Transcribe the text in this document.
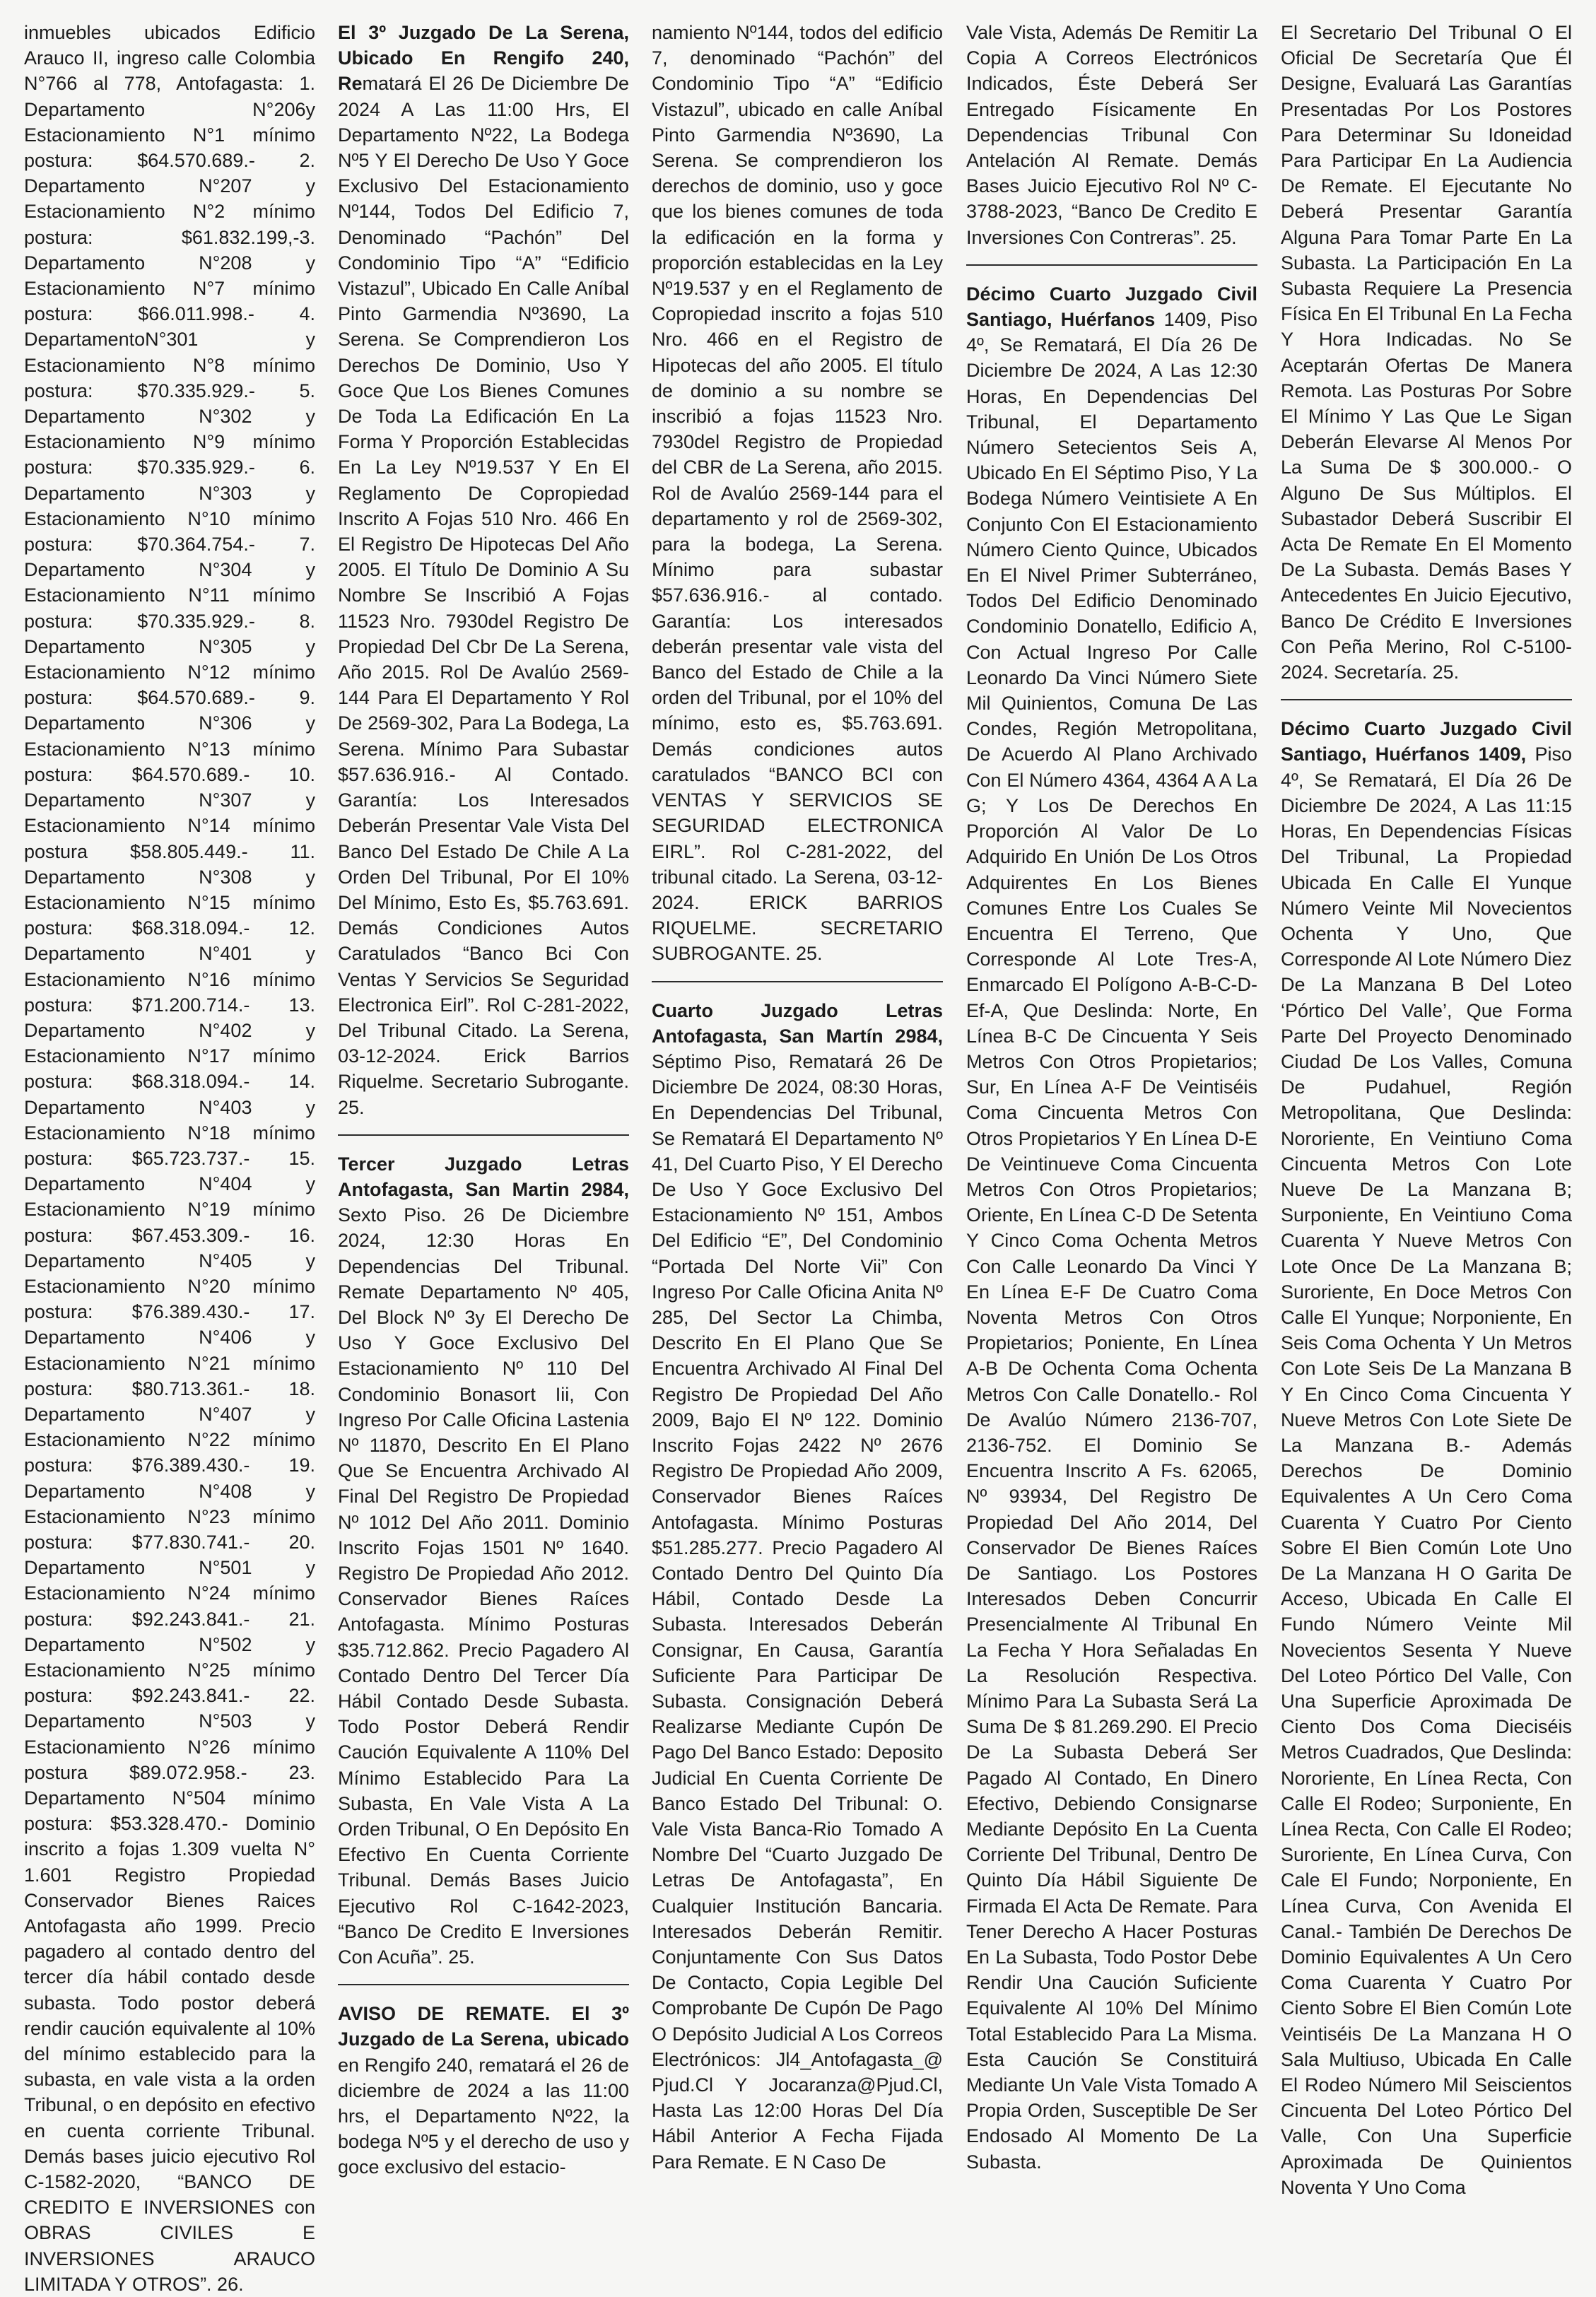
inmuebles ubicados Edificio Arauco II, ingreso calle Colombia N°766 al 778, Antofagasta: 1. Departamento N°206y Estacionamiento N°1 mínimo postura: $64.570.689.- 2. Departamento N°207 y Estacionamiento N°2 mínimo postura: $61.832.199,-3. Departamento N°208 y Estacionamiento N°7 mínimo postura: $66.011.998.- 4. DepartamentoN°301 y Estacionamiento N°8 mínimo postura: $70.335.929.- 5. Departamento N°302 y Estacionamiento N°9 mínimo postura: $70.335.929.- 6. Departamento N°303 y Estacionamiento N°10 mínimo postura: $70.364.754.- 7. Departamento N°304 y Estacionamiento N°11 mínimo postura: $70.335.929.- 8. Departamento N°305 y Estacionamiento N°12 mínimo postura: $64.570.689.- 9. Departamento N°306 y Estacionamiento N°13 mínimo postura: $64.570.689.- 10. Departamento N°307 y Estacionamiento N°14 mínimo postura $58.805.449.- 11. Departamento N°308 y Estacionamiento N°15 mínimo postura: $68.318.094.- 12. Departamento N°401 y Estacionamiento N°16 mínimo postura: $71.200.714.- 13. Departamento N°402 y Estacionamiento N°17 mínimo postura: $68.318.094.- 14. Departamento N°403 y Estacionamiento N°18 mínimo postura: $65.723.737.- 15. Departamento N°404 y Estacionamiento N°19 mínimo postura: $67.453.309.- 16. Departamento N°405 y Estacionamiento N°20 mínimo postura: $76.389.430.- 17. Departamento N°406 y Estacionamiento N°21 mínimo postura: $80.713.361.- 18. Departamento N°407 y Estacionamiento N°22 mínimo postura: $76.389.430.- 19. Departamento N°408 y Estacionamiento N°23 mínimo postura: $77.830.741.- 20. Departamento N°501 y Estacionamiento N°24 mínimo postura: $92.243.841.- 21. Departamento N°502 y Estacionamiento N°25 mínimo postura: $92.243.841.- 22. Departamento N°503 y Estacionamiento N°26 mínimo postura $89.072.958.- 23. Departamento N°504 mínimo postura: $53.328.470.- Dominio inscrito a fojas 1.309 vuelta N° 1.601 Registro Propiedad Conservador Bienes Raices Antofagasta año 1999. Precio pagadero al contado dentro del tercer día hábil contado desde subasta. Todo postor deberá rendir caución equivalente al 10% del mínimo establecido para la subasta, en vale vista a la orden Tribunal, o en depósito en efectivo en cuenta corriente Tribunal. Demás bases juicio ejecutivo Rol C-1582-2020, “BANCO DE CREDITO E INVERSIONES con OBRAS CIVILES E INVERSIONES ARAUCO LIMITADA Y OTROS”. 26.

El 3º Juzgado De La Serena, Ubicado En Rengifo 240, Rematará El 26 De Diciembre De 2024 A Las 11:00 Hrs, El Departamento Nº22, La Bodega Nº5 Y El Derecho De Uso Y Goce Exclusivo Del Estacionamiento Nº144, Todos Del Edificio 7, Denominado “Pachón” Del Condominio Tipo “A” “Edificio Vistazul”, Ubicado En Calle Aníbal Pinto Garmendia Nº3690, La Serena. Se Comprendieron Los Derechos De Dominio, Uso Y Goce Que Los Bienes Comunes De Toda La Edificación En La Forma Y Proporción Establecidas En La Ley Nº19.537 Y En El Reglamento De Copropiedad Inscrito A Fojas 510 Nro. 466 En El Registro De Hipotecas Del Año 2005. El Título De Dominio A Su Nombre Se Inscribió A Fojas 11523 Nro. 7930del Registro De Propiedad Del Cbr De La Serena, Año 2015. Rol De Avalúo 2569-144 Para El Departamento Y Rol De 2569-302, Para La Bodega, La Serena. Mínimo Para Subastar $57.636.916.- Al Contado. Garantía: Los Interesados Deberán Presentar Vale Vista Del Banco Del Estado De Chile A La Orden Del Tribunal, Por El 10% Del Mínimo, Esto Es, $5.763.691. Demás Condiciones Autos Caratulados “Banco Bci Con Ventas Y Servicios Se Seguridad Electronica Eirl”. Rol C-281-2022, Del Tribunal Citado. La Serena, 03-12-2024. Erick Barrios Riquelme. Secretario Subrogante. 25.

Tercer Juzgado Letras Antofagasta, San Martin 2984, Sexto Piso. 26 De Diciembre 2024, 12:30 Horas En Dependencias Del Tribunal. Remate Departamento Nº 405, Del Block Nº 3y El Derecho De Uso Y Goce Exclusivo Del Estacionamiento Nº 110 Del Condominio Bonasort Iii, Con Ingreso Por Calle Oficina Lastenia Nº 11870, Descrito En El Plano Que Se Encuentra Archivado Al Final Del Registro De Propiedad Nº 1012 Del Año 2011. Dominio Inscrito Fojas 1501 Nº 1640. Registro De Propiedad Año 2012. Conservador Bienes Raíces Antofagasta. Mínimo Posturas $35.712.862. Precio Pagadero Al Contado Dentro Del Tercer Día Hábil Contado Desde Subasta. Todo Postor Deberá Rendir Caución Equivalente A 110% Del Mínimo Establecido Para La Subasta, En Vale Vista A La Orden Tribunal, O En Depósito En Efectivo En Cuenta Corriente Tribunal. Demás Bases Juicio Ejecutivo Rol C-1642-2023, “Banco De Credito E Inversiones Con Acuña”. 25.

AVISO DE REMATE. El 3º Juzgado de La Serena, ubicado en Rengifo 240, rematará el 26 de diciembre de 2024 a las 11:00 hrs, el Departamento Nº22, la bodega Nº5 y el derecho de uso y goce exclusivo del estacio-

namiento Nº144, todos del edificio 7, denominado “Pachón” del Condominio Tipo “A” “Edificio Vistazul”, ubicado en calle Aníbal Pinto Garmendia Nº3690, La Serena. Se comprendieron los derechos de dominio, uso y goce que los bienes comunes de toda la edificación en la forma y proporción establecidas en la Ley Nº19.537 y en el Reglamento de Copropiedad inscrito a fojas 510 Nro. 466 en el Registro de Hipotecas del año 2005. El título de dominio a su nombre se inscribió a fojas 11523 Nro. 7930del Registro de Propiedad del CBR de La Serena, año 2015. Rol de Avalúo 2569-144 para el departamento y rol de 2569-302, para la bodega, La Serena. Mínimo para subastar $57.636.916.- al contado. Garantía: Los interesados deberán presentar vale vista del Banco del Estado de Chile a la orden del Tribunal, por el 10% del mínimo, esto es, $5.763.691. Demás condiciones autos caratulados “BANCO BCI con VENTAS Y SERVICIOS SE SEGURIDAD ELECTRONICA EIRL”. Rol C-281-2022, del tribunal citado. La Serena, 03-12-2024. ERICK BARRIOS RIQUELME. SECRETARIO SUBROGANTE. 25.

Cuarto Juzgado Letras Antofagasta, San Martín 2984, Séptimo Piso, Rematará 26 De Diciembre De 2024, 08:30 Horas, En Dependencias Del Tribunal, Se Rematará El Departamento Nº 41, Del Cuarto Piso, Y El Derecho De Uso Y Goce Exclusivo Del Estacionamiento Nº 151, Ambos Del Edificio “E”, Del Condominio “Portada Del Norte Vii” Con Ingreso Por Calle Oficina Anita Nº 285, Del Sector La Chimba, Descrito En El Plano Que Se Encuentra Archivado Al Final Del Registro De Propiedad Del Año 2009, Bajo El Nº 122. Dominio Inscrito Fojas 2422 Nº 2676 Registro De Propiedad Año 2009, Conservador Bienes Raíces Antofagasta. Mínimo Posturas $51.285.277. Precio Pagadero Al Contado Dentro Del Quinto Día Hábil, Contado Desde La Subasta. Interesados Deberán Consignar, En Causa, Garantía Suficiente Para Participar De Subasta. Consignación Deberá Realizarse Mediante Cupón De Pago Del Banco Estado: Deposito Judicial En Cuenta Corriente De Banco Estado Del Tribunal: O. Vale Vista Banca-Rio Tomado A Nombre Del “Cuarto Juzgado De Letras De Antofagasta”, En Cualquier Institución Bancaria. Interesados Deberán Remitir. Conjuntamente Con Sus Datos De Contacto, Copia Legible Del Comprobante De Cupón De Pago O Depósito Judicial A Los Correos Electrónicos: Jl4_Antofagasta_@ Pjud.Cl Y Jocaranza@Pjud.Cl, Hasta Las 12:00 Horas Del Día Hábil Anterior A Fecha Fijada Para Remate. E N Caso De

Vale Vista, Además De Remitir La Copia A Correos Electrónicos Indicados, Éste Deberá Ser Entregado Físicamente En Dependencias Tribunal Con Antelación Al Remate. Demás Bases Juicio Ejecutivo Rol Nº C-3788-2023, “Banco De Credito E Inversiones Con Contreras”. 25.

Décimo Cuarto Juzgado Civil Santiago, Huérfanos 1409, Piso 4º, Se Rematará, El Día 26 De Diciembre De 2024, A Las 12:30 Horas, En Dependencias Del Tribunal, El Departamento Número Setecientos Seis A, Ubicado En El Séptimo Piso, Y La Bodega Número Veintisiete A En Conjunto Con El Estacionamiento Número Ciento Quince, Ubicados En El Nivel Primer Subterráneo, Todos Del Edificio Denominado Condominio Donatello, Edificio A, Con Actual Ingreso Por Calle Leonardo Da Vinci Número Siete Mil Quinientos, Comuna De Las Condes, Región Metropolitana, De Acuerdo Al Plano Archivado Con El Número 4364, 4364 A A La G; Y Los De Derechos En Proporción Al Valor De Lo Adquirido En Unión De Los Otros Adquirentes En Los Bienes Comunes Entre Los Cuales Se Encuentra El Terreno, Que Corresponde Al Lote Tres-A, Enmarcado El Polígono A-B-C-D-Ef-A, Que Deslinda: Norte, En Línea B-C De Cincuenta Y Seis Metros Con Otros Propietarios; Sur, En Línea A-F De Veintiséis Coma Cincuenta Metros Con Otros Propietarios Y En Línea D-E De Veintinueve Coma Cincuenta Metros Con Otros Propietarios; Oriente, En Línea C-D De Setenta Y Cinco Coma Ochenta Metros Con Calle Leonardo Da Vinci Y En Línea E-F De Cuatro Coma Noventa Metros Con Otros Propietarios; Poniente, En Línea A-B De Ochenta Coma Ochenta Metros Con Calle Donatello.- Rol De Avalúo Número 2136-707, 2136-752. El Dominio Se Encuentra Inscrito A Fs. 62065, Nº 93934, Del Registro De Propiedad Del Año 2014, Del Conservador De Bienes Raíces De Santiago. Los Postores Interesados Deben Concurrir Presencialmente Al Tribunal En La Fecha Y Hora Señaladas En La Resolución Respectiva. Mínimo Para La Subasta Será La Suma De $ 81.269.290. El Precio De La Subasta Deberá Ser Pagado Al Contado, En Dinero Efectivo, Debiendo Consignarse Mediante Depósito En La Cuenta Corriente Del Tribunal, Dentro De Quinto Día Hábil Siguiente De Firmada El Acta De Remate. Para Tener Derecho A Hacer Posturas En La Subasta, Todo Postor Debe Rendir Una Caución Suficiente Equivalente Al 10% Del Mínimo Total Establecido Para La Misma. Esta Caución Se Constituirá Mediante Un Vale Vista Tomado A Propia Orden, Susceptible De Ser Endosado Al Momento De La Subasta.

El Secretario Del Tribunal O El Oficial De Secretaría Que Él Designe, Evaluará Las Garantías Presentadas Por Los Postores Para Determinar Su Idoneidad Para Participar En La Audiencia De Remate. El Ejecutante No Deberá Presentar Garantía Alguna Para Tomar Parte En La Subasta. La Participación En La Subasta Requiere La Presencia Física En El Tribunal En La Fecha Y Hora Indicadas. No Se Aceptarán Ofertas De Manera Remota. Las Posturas Por Sobre El Mínimo Y Las Que Le Sigan Deberán Elevarse Al Menos Por La Suma De $ 300.000.- O Alguno De Sus Múltiplos. El Subastador Deberá Suscribir El Acta De Remate En El Momento De La Subasta. Demás Bases Y Antecedentes En Juicio Ejecutivo, Banco De Crédito E Inversiones Con Peña Merino, Rol C-5100-2024. Secretaría. 25.

Décimo Cuarto Juzgado Civil Santiago, Huérfanos 1409, Piso 4º, Se Rematará, El Día 26 De Diciembre De 2024, A Las 11:15 Horas, En Dependencias Físicas Del Tribunal, La Propiedad Ubicada En Calle El Yunque Número Veinte Mil Novecientos Ochenta Y Uno, Que Corresponde Al Lote Número Diez De La Manzana B Del Loteo ‘Pórtico Del Valle’, Que Forma Parte Del Proyecto Denominado Ciudad De Los Valles, Comuna De Pudahuel, Región Metropolitana, Que Deslinda: Nororiente, En Veintiuno Coma Cincuenta Metros Con Lote Nueve De La Manzana B; Surponiente, En Veintiuno Coma Cuarenta Y Nueve Metros Con Lote Once De La Manzana B; Suroriente, En Doce Metros Con Calle El Yunque; Norponiente, En Seis Coma Ochenta Y Un Metros Con Lote Seis De La Manzana B Y En Cinco Coma Cincuenta Y Nueve Metros Con Lote Siete De La Manzana B.- Además Derechos De Dominio Equivalentes A Un Cero Coma Cuarenta Y Cuatro Por Ciento Sobre El Bien Común Lote Uno De La Manzana H O Garita De Acceso, Ubicada En Calle El Fundo Número Veinte Mil Novecientos Sesenta Y Nueve Del Loteo Pórtico Del Valle, Con Una Superficie Aproximada De Ciento Dos Coma Dieciséis Metros Cuadrados, Que Deslinda: Nororiente, En Línea Recta, Con Calle El Rodeo; Surponiente, En Línea Recta, Con Calle El Rodeo; Suroriente, En Línea Curva, Con Cale El Fundo; Norponiente, En Línea Curva, Con Avenida El Canal.- También De Derechos De Dominio Equivalentes A Un Cero Coma Cuarenta Y Cuatro Por Ciento Sobre El Bien Común Lote Veintiséis De La Manzana H O Sala Multiuso, Ubicada En Calle El Rodeo Número Mil Seiscientos Cincuenta Del Loteo Pórtico Del Valle, Con Una Superficie Aproximada De Quinientos Noventa Y Uno Coma
